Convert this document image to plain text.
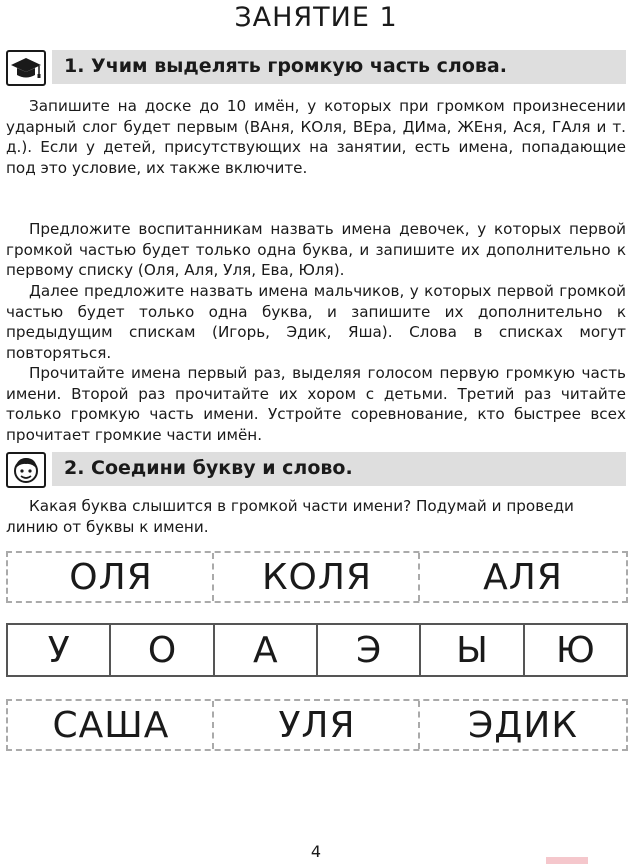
ЗАНЯТИЕ 1
1. Учим выделять громкую часть слова.

Запишите на доске до 10 имён, у которых при громком произнесении ударный слог будет первым (ВАня, КОля, ВЕра, ДИма, ЖЕня, Ася, ГАля и т. д.). Если у детей, присутствующих на занятии, есть имена, попадающие под это условие, их также включите.

Предложите воспитанникам назвать имена девочек, у которых первой громкой частью будет только одна буква, и запишите их дополнительно к первому списку (Оля, Аля, Уля, Ева, Юля).

Далее предложите назвать имена мальчиков, у которых первой громкой частью будет только одна буква, и запишите их дополнительно к предыдущим спискам (Игорь, Эдик, Яша). Слова в списках могут повторяться.

Прочитайте имена первый раз, выделяя голосом первую громкую часть имени. Второй раз прочитайте их хором с детьми. Третий раз читайте только громкую часть имени. Устройте соревнование, кто быстрее всех прочитает громкие части имён.

2. Соедини букву и слово.

Какая буква слышится в громкой части имени? Подумай и проведи линию от буквы к имени.

ОЛЯ	КОЛЯ	АЛЯ
У	О	А	Э	Ы	Ю
САША	УЛЯ	ЭДИК
4
